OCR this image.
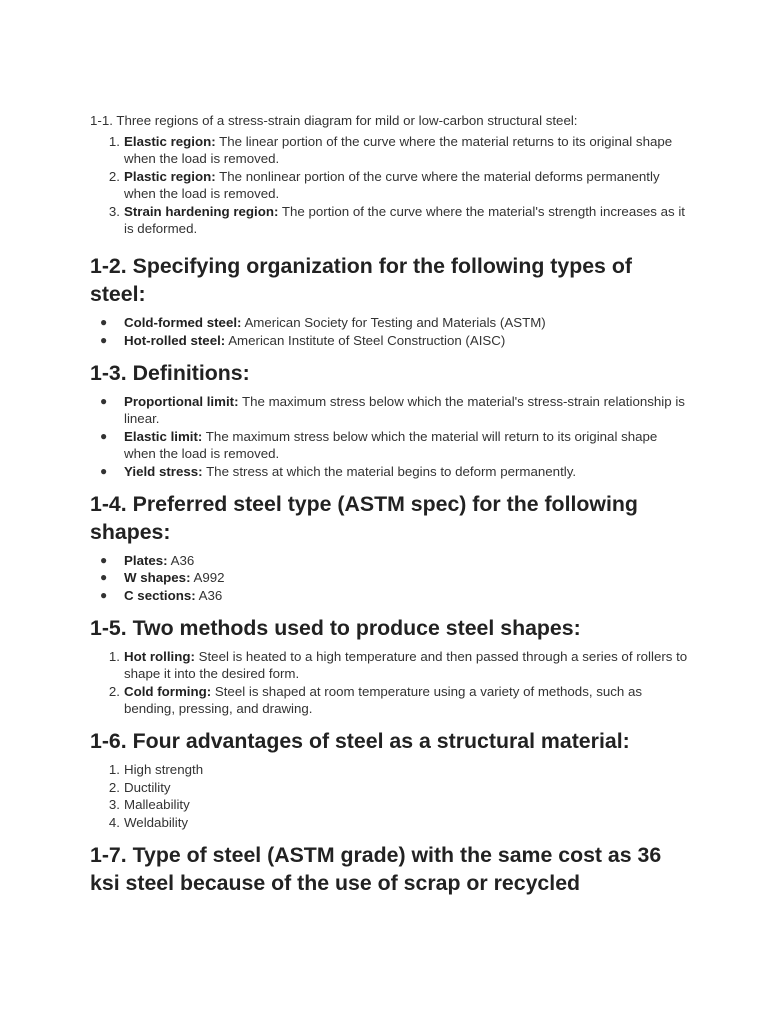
1-1. Three regions of a stress-strain diagram for mild or low-carbon structural steel:

1. Elastic region: The linear portion of the curve where the material returns to its original shape when the load is removed.
2. Plastic region: The nonlinear portion of the curve where the material deforms permanently when the load is removed.
3. Strain hardening region: The portion of the curve where the material's strength increases as it is deformed.
1-2. Specifying organization for the following types of steel:
●	Cold-formed steel: American Society for Testing and Materials (ASTM)
●	Hot-rolled steel: American Institute of Steel Construction (AISC)
1-3. Definitions:
●	Proportional limit: The maximum stress below which the material's stress-strain relationship is linear.
●	Elastic limit: The maximum stress below which the material will return to its original shape when the load is removed.
●	Yield stress: The stress at which the material begins to deform permanently.
1-4. Preferred steel type (ASTM spec) for the following shapes:
●	Plates: A36
●	W shapes: A992
●	C sections: A36
1-5. Two methods used to produce steel shapes:
1. Hot rolling: Steel is heated to a high temperature and then passed through a series of rollers to shape it into the desired form.
2. Cold forming: Steel is shaped at room temperature using a variety of methods, such as bending, pressing, and drawing.
1-6. Four advantages of steel as a structural material:
1. High strength
2. Ductility
3. Malleability
4. Weldability
1-7. Type of steel (ASTM grade) with the same cost as 36 ksi steel because of the use of scrap or recycled
